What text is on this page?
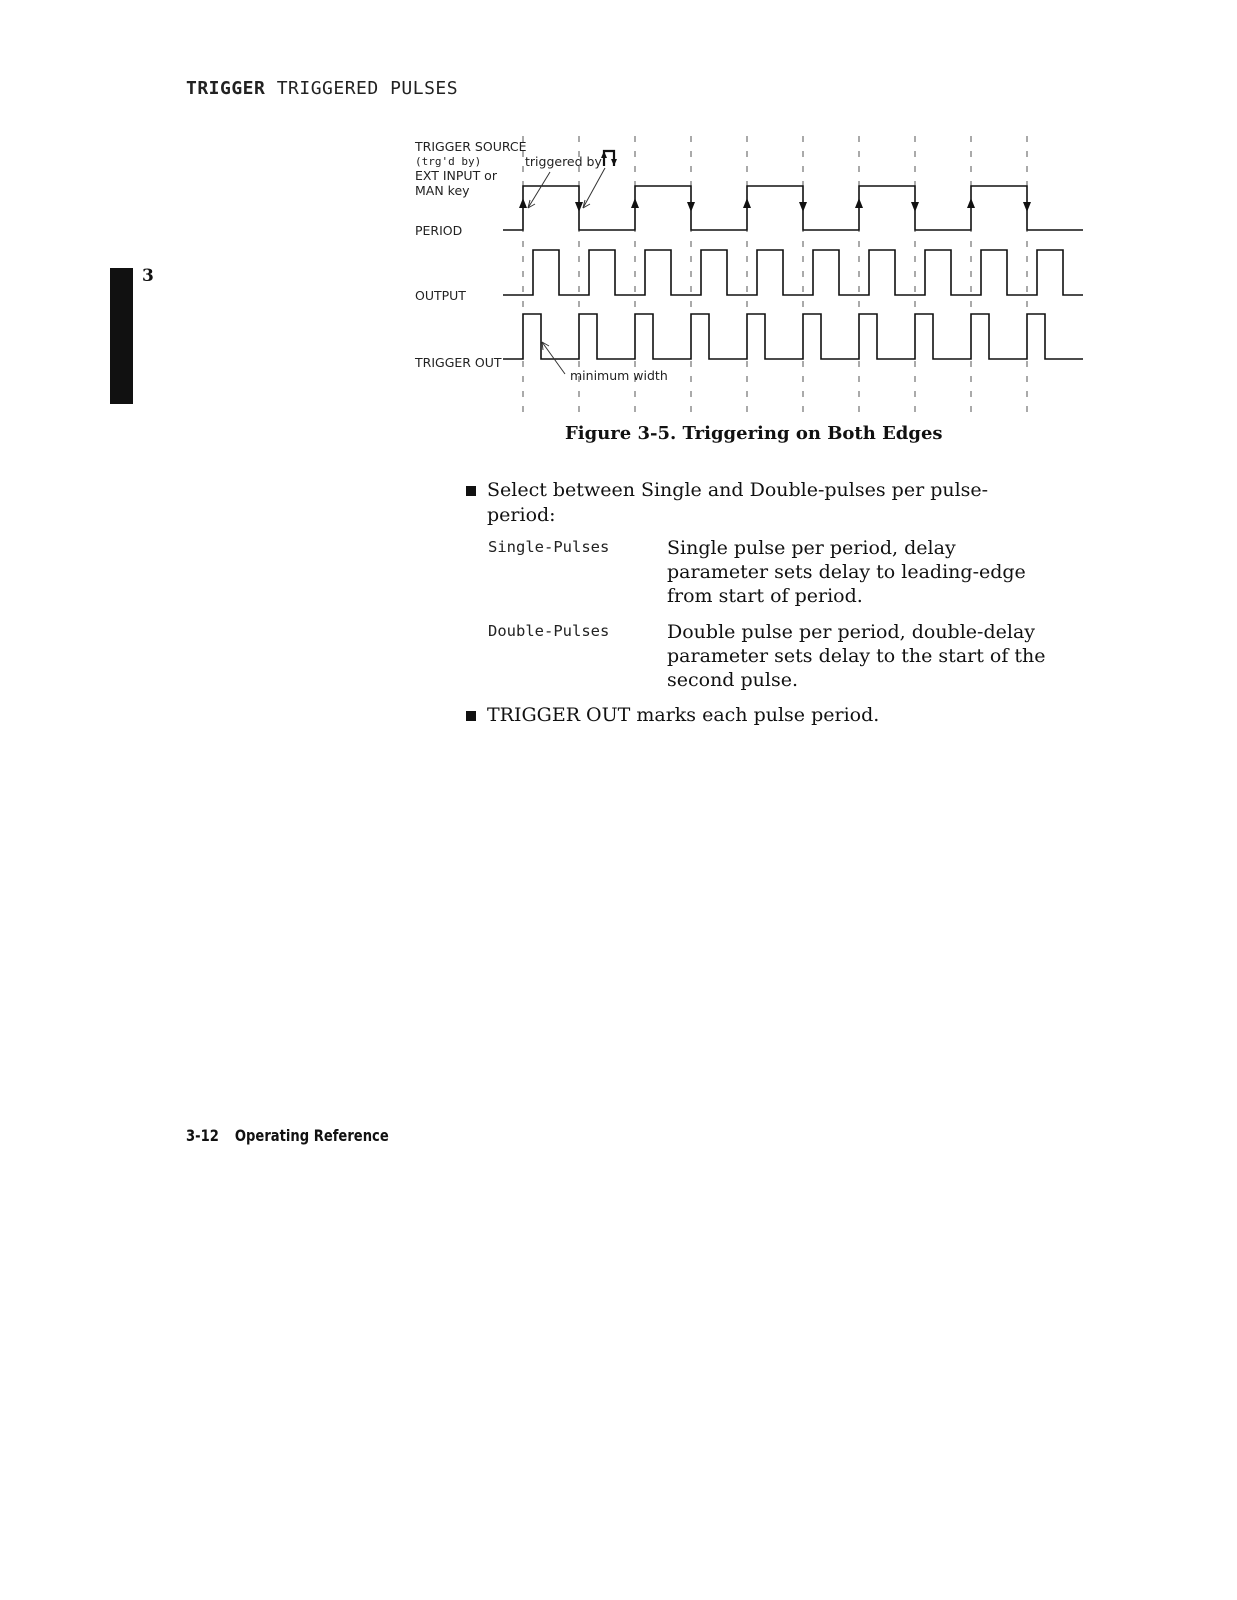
TRIGGER TRIGGERED PULSES
3
TRIGGER SOURCE
(trg'd by)
EXT INPUT or
MAN key
triggered by
PERIOD
OUTPUT
TRIGGER OUT
minimum width
Figure 3-5. Triggering on Both Edges
Select between Single and Double-pulses per pulse-period:
Single-Pulses	Single pulse per period, delay parameter sets delay to leading-edge from start of period.
Double-Pulses	Double pulse per period, double-delay parameter sets delay to the start of the second pulse.
TRIGGER OUT marks each pulse period.
3-12 Operating Reference
